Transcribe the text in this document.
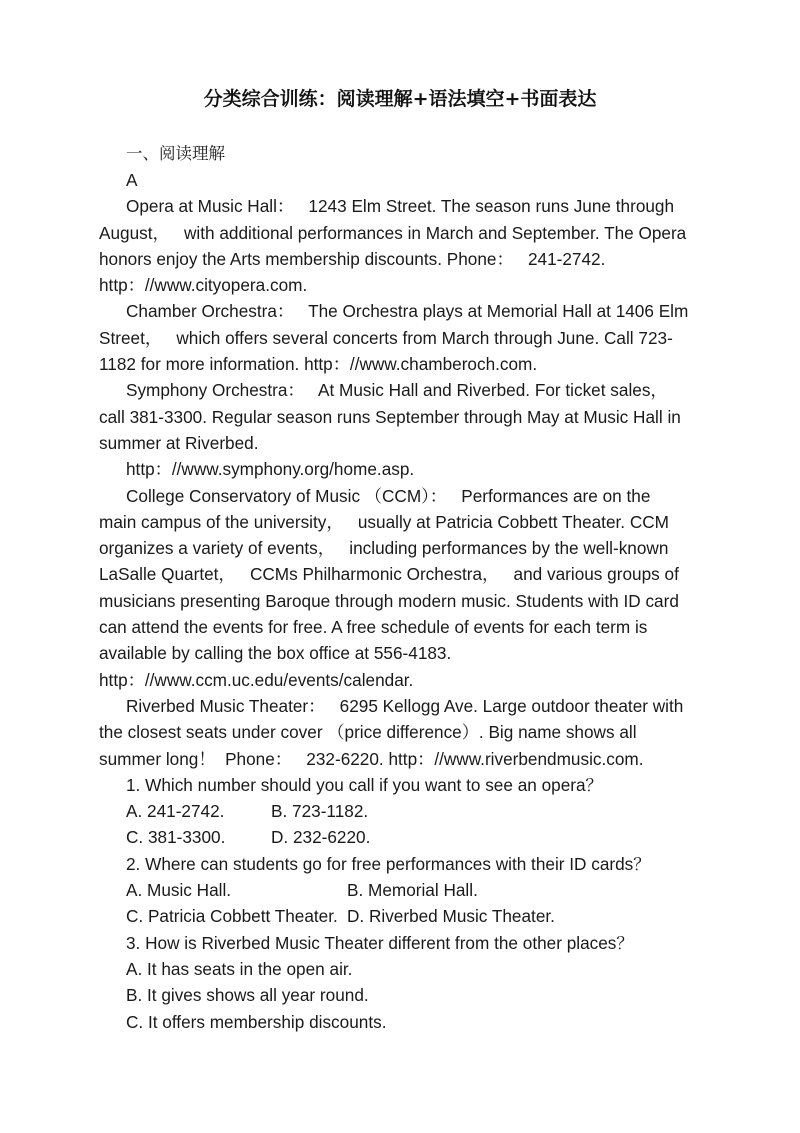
分类综合训练：阅读理解+语法填空+书面表达
一、阅读理解
A
Opera at Music Hall：   1243 Elm Street. The season runs June through
August，   with additional performances in March and September. The Opera
honors enjoy the Arts membership discounts. Phone：   241-2742.
http：//www.cityopera.com.
Chamber Orchestra：   The Orchestra plays at Memorial Hall at 1406 Elm
Street，   which offers several concerts from March through June. Call 723-
1182 for more information. http：//www.chamberoch.com.
Symphony Orchestra：   At Music Hall and Riverbed. For ticket sales，
call 381-3300. Regular season runs September through May at Music Hall in
summer at Riverbed.
http：//www.symphony.org/home.asp.
College Conservatory of Music （CCM）：   Performances are on the
main campus of the university，   usually at Patricia Cobbett Theater. CCM
organizes a variety of events，   including performances by the well-known
LaSalle Quartet，   CCMs Philharmonic Orchestra，   and various groups of
musicians presenting Baroque through modern music. Students with ID card
can attend the events for free. A free schedule of events for each term is
available by calling the box office at 556-4183.
http：//www.ccm.uc.edu/events/calendar.
Riverbed Music Theater：   6295 Kellogg Ave. Large outdoor theater with
the closest seats under cover （price difference）. Big name shows all
summer long！  Phone：   232-6220. http：//www.riverbendmusic.com.
1. Which number should you call if you want to see an opera？
A. 241-2742.	B. 723-1182.
C. 381-3300.	D. 232-6220.
2. Where can students go for free performances with their ID cards？
A. Music Hall.	B. Memorial Hall.
C. Patricia Cobbett Theater. D. Riverbed Music Theater.
3. How is Riverbed Music Theater different from the other places？
A. It has seats in the open air.
B. It gives shows all year round.
C. It offers membership discounts.
